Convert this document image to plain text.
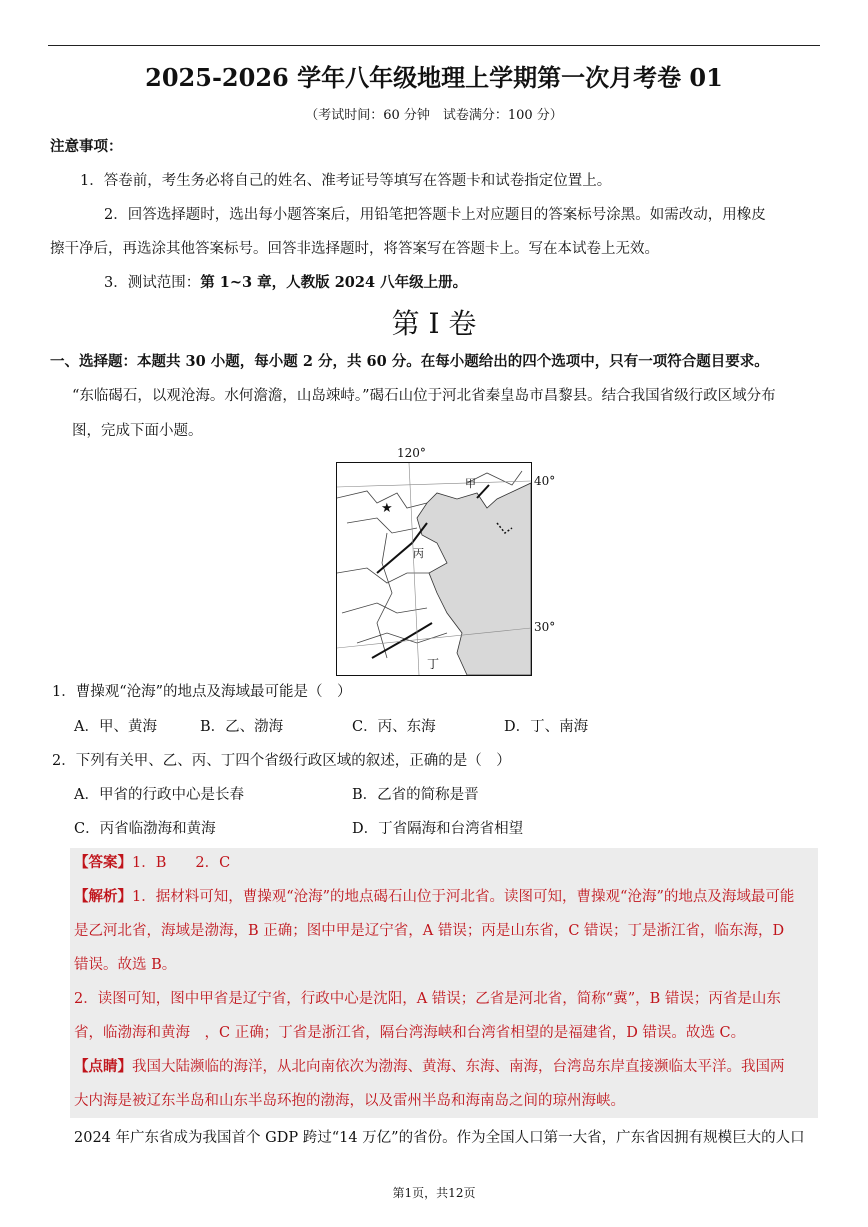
2025-2026 学年八年级地理上学期第一次月考卷 01
（考试时间：60 分钟　试卷满分：100 分）
注意事项：
1．答卷前，考生务必将自己的姓名、准考证号等填写在答题卡和试卷指定位置上。
2．回答选择题时，选出每小题答案后，用铅笔把答题卡上对应题目的答案标号涂黑。如需改动，用橡皮
擦干净后，再选涂其他答案标号。回答非选择题时，将答案写在答题卡上。写在本试卷上无效。
3．测试范围：第 1~3 章，人教版 2024 八年级上册。
第 I 卷
一、选择题：本题共 30 小题，每小题 2 分，共 60 分。在每小题给出的四个选项中，只有一项符合题目要求。
“东临碣石，以观沧海。水何澹澹，山岛竦峙。”碣石山位于河北省秦皇岛市昌黎县。结合我国省级行政区域分布
图，完成下面小题。
120°
甲
★
丙
丁
40°
30°
1．曹操观“沧海”的地点及海域最可能是（　）
A．甲、黄海	B．乙、渤海	C．丙、东海	D．丁、南海
2．下列有关甲、乙、丙、丁四个省级行政区域的叙述，正确的是（　）
A．甲省的行政中心是长春	B．乙省的简称是晋
C．丙省临渤海和黄海	D．丁省隔海和台湾省相望
【答案】1．B　　2．C
【解析】1．据材料可知，曹操观“沧海”的地点碣石山位于河北省。读图可知，曹操观“沧海”的地点及海域最可能
是乙河北省，海域是渤海，B 正确；图中甲是辽宁省，A 错误；丙是山东省，C 错误；丁是浙江省，临东海，D
错误。故选 B。
2．读图可知，图中甲省是辽宁省，行政中心是沈阳，A 错误；乙省是河北省，简称“冀”，B 错误；丙省是山东
省，临渤海和黄海　，C 正确；丁省是浙江省，隔台湾海峡和台湾省相望的是福建省，D 错误。故选 C。
【点睛】我国大陆濒临的海洋，从北向南依次为渤海、黄海、东海、南海，台湾岛东岸直接濒临太平洋。我国两
大内海是被辽东半岛和山东半岛环抱的渤海，以及雷州半岛和海南岛之间的琼州海峡。
2024 年广东省成为我国首个 GDP 跨过“14 万亿”的省份。作为全国人口第一大省，广东省因拥有规模巨大的人口
第1页，共12页
